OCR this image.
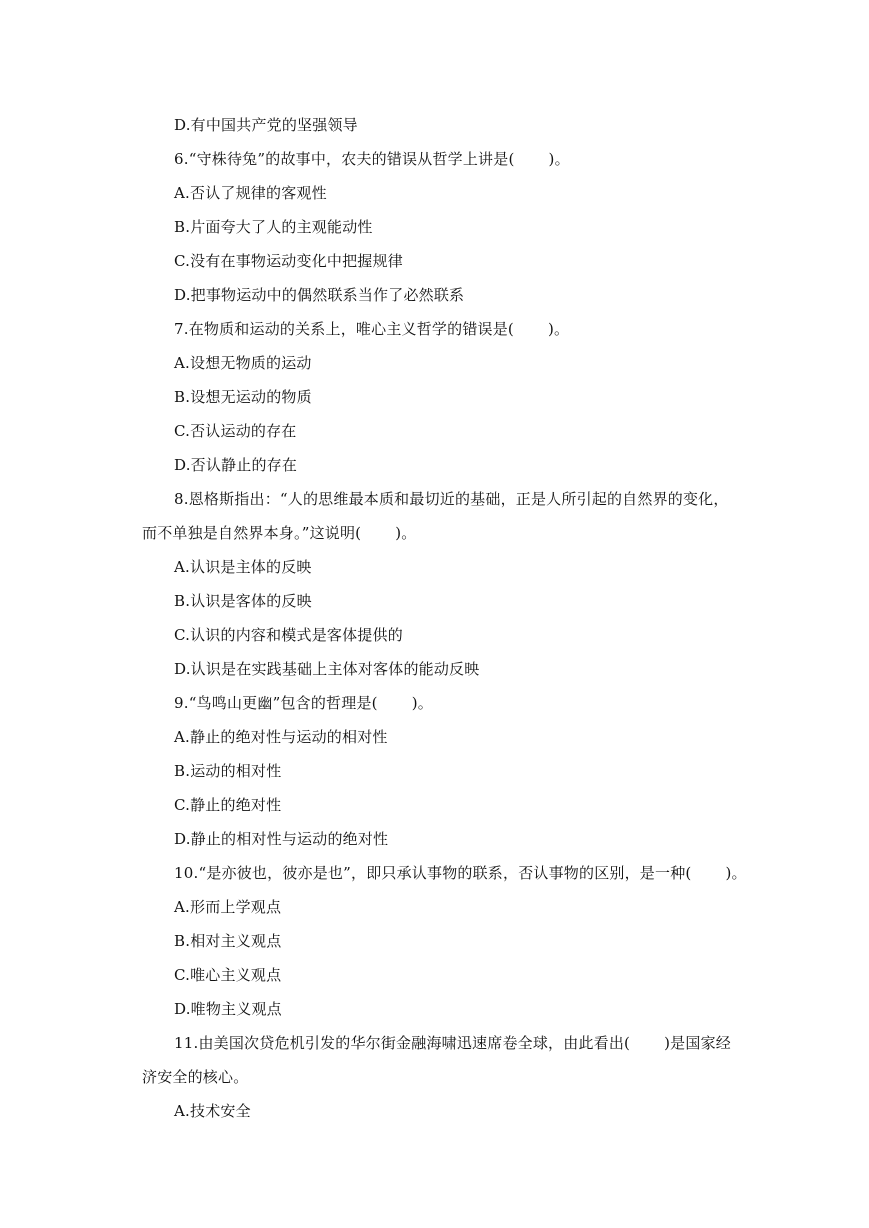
D.有中国共产党的坚强领导
6.“守株待兔”的故事中，农夫的错误从哲学上讲是( )。
A.否认了规律的客观性
B.片面夸大了人的主观能动性
C.没有在事物运动变化中把握规律
D.把事物运动中的偶然联系当作了必然联系
7.在物质和运动的关系上，唯心主义哲学的错误是( )。
A.设想无物质的运动
B.设想无运动的物质
C.否认运动的存在
D.否认静止的存在
8.恩格斯指出：“人的思维最本质和最切近的基础，正是人所引起的自然界的变化，
而不单独是自然界本身。”这说明( )。
A.认识是主体的反映
B.认识是客体的反映
C.认识的内容和模式是客体提供的
D.认识是在实践基础上主体对客体的能动反映
9.“鸟鸣山更幽”包含的哲理是( )。
A.静止的绝对性与运动的相对性
B.运动的相对性
C.静止的绝对性
D.静止的相对性与运动的绝对性
10.“是亦彼也，彼亦是也”，即只承认事物的联系，否认事物的区别，是一种( )。
A.形而上学观点
B.相对主义观点
C.唯心主义观点
D.唯物主义观点
11.由美国次贷危机引发的华尔街金融海啸迅速席卷全球，由此看出( )是国家经
济安全的核心。
A.技术安全
